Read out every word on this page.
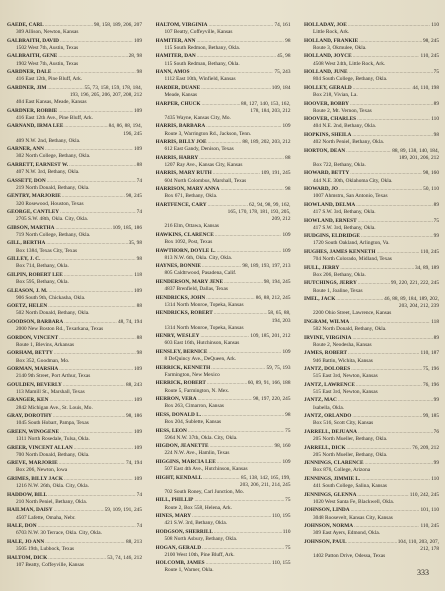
GAEDE, CARL .....	98, 158, 189, 206, 207
309 Allison, Newton, Kansas
GALBRAITH, DAVID .....	109
1502 West 7th, Austin, Texas
GALBRAITH, GENE .....	28, 98
1902 West 7th, Austin, Texas
GARDNER, DALE .....	98
416 East 12th, Pine Bluff, Ark.
GARDNER, JIM .....	55, 73, 158, 159, 178, 184,
193, 196, 205, 206, 207, 208, 212
404 East Kansas, Meade, Kansas
GARDNER, ROBBIE .....	109
416 East 12th Ave., Pine Bluff, Ark.
GARNAND, IRMA LEE .....	84, 86, 88, 194,
196, 245
409 N.W. 2nd, Bethany, Okla.
GARNER, ANN .....	109
302 North College, Bethany, Okla.
GARRETT, EARNEST W. .....	88
407 N.W. 3rd, Bethany, Okla.
GASSETT, DON .....	74
219 North Donald, Bethany, Okla.
GENTRY, MARJORIE .....	98, 245
320 Rosewood, Houston, Texas
GEORGE, CANTLEY .....	74
2705 S.W. 48th, Okla. City, Okla.
GIBSON, MARTHA .....	109, 185, 186
719 North College, Bethany, Okla.
GILL, BERTHA .....	35, 98
Box 1384, Texas City, Texas
GILLEY, J. C. .....	98
Box 714, Bethany, Okla.
GILPIN, ROBERT LEE .....	118
Box 595, Bethany, Okla.
GLEASON, J. M. .....	109
906 South 9th, Chickasha, Okla.
GOETZ, HELEN .....	88
502 North Donald, Bethany, Okla.
GOODSON, BARBARA .....	48, 74, 194
2000 New Boston Rd., Texarkana, Texas
GORDON, VINCENT .....	88
Route 1, Blevins, Arkansas
GORHAM, BETTY .....	98
Box 352, Goodman, Mo.
GORMAN, MARSHA .....	109
2140 9th Street, Port Arthur, Texas
GOULDEN, BEVERLY .....	88, 243
113 Mamill St., Marshall, Texas
GRANGER, KEN .....	109
2842 Michigan Ave., St. Louis, Mo.
GRAY, DOROTHY .....	98, 186
1045 South Hobart, Pampa, Texas
GREEN, WINOGENE .....	109
1311 North Rosedale, Tulsa, Okla.
GREER, VINCENT ALLAN .....	109
700 North Donald, Bethany, Okla.
GREVE, MARJORIE .....	74, 194
Box 206, Newton, Iowa
GRIMES, BILLY JACK .....	109
1216 N.W. 26th, Okla. City, Okla.
HADDOW, BILL .....	74
210 North Peniel, Bethany, Okla.
HAILMAN, DAISY .....	59, 109, 191, 245
4507 Lafette, Omaha, Nebr.
HALE, DON .....	74
6703 N.W. 30 Terrace, Okla. City, Okla.
HALE, JO ANN .....	88, 213
3505 19th, Lubbock, Texas
HALTOM, DICK .....	53, 74, 146, 212
107 Beatty, Coffeyville, Kansas
HALTOM, VIRGINIA .....	74, 161
107 Beatty, Coffeyville, Kansas
HAMITER, ANN .....	98
115 South Redmon, Bethany, Okla.
HAMITER, DAN .....	45, 98
115 South Redman, Bethany, Okla.
HANN, AMOS .....	75, 243
1112 East 10th, Winfield, Kansas
HARDER, DUANE .....	109, 184
Meade, Kansas
HARPER, CHUCK .....	88, 127, 140, 153, 162,
178, 184, 203, 212
7435 Wayne, Kansas City, Mo.
HARRIS, BARBARA .....	109
Route 3, Warrington Rd., Jackson, Tenn.
HARRIS, BILLY JOE .....	88, 189, 202, 203, 212
612 East Gandy, Denison, Texas
HARRIS, HARRY .....	88
1207 Ray Ave., Kansas City, Kansas
HARRIS, MARY RUTH .....	109, 191, 245
604 North Colombus, Marshall, Texas
HARRISON, MARY ANNA .....	98
Box 671, Bethany, Okla.
HARTFENCE, CARY .....	62, 94, 98, 99, 162,
165, 170, 178, 181, 193, 205,
209, 212
216 Elm, Ottawa, Kansas
HAWKINS, CLARENCE .....	109
Box 1092, Post, Texas
HAWTHORN, DOYLE L. .....	109
813 N.W. 6th, Okla. City, Okla.
HAYNES, BONNIE .....	98, 189, 193, 197, 213
805 Caldtrwood, Pasadena, Calif.
HENDERSON, MARY JENE .....	98, 194, 245
4837 Brenfield, Dallas, Texas
HENDRICKS, JOHN .....	86, 88, 212, 245
1314 North Monroe, Topeka, Kansas
HENDRICKS, ROBERT .....	58, 65, 88,
194, 203
1314 North Monroe, Topeka, Kansas
HENRY, WESLEY .....	109, 185, 201, 212
603 East 16th, Hutchinson, Kansas
HENSLEY, BERNICE .....	109
8 DeQuincy Ave., DeQueen, Ark.
HERRICK, KENNETH .....	59, 75, 193
Farmington, New Mexico
HERRICK, ROBERT .....	60, 89, 91, 166, 188
Route 5, Farmington, N. Mex.
HERRON, VERA .....	98, 197, 220, 245
Box 263, Cimarron, Kansas
HESS, DONALD L. .....	98
Box 204, Sublette, Kansas
HESS, LEON .....	75
5964 N.W. 37th, Okla. City, Okla.
HIGDON, JEANETTE .....	98, 160
224 N.W. Ave., Hamlin, Texas
HIGGINS, MARCIA LEE .....	109
507 East 4th Ave., Hutchinson, Kansas
HIGHT, KENDALL .....	85, 138, 142, 165, 199,
203, 206, 211, 214, 245
702 South Roney, Carl Junction, Mo.
HILL, PHILLIP .....	75
Route 2, Box 558, Helena, Ark.
HINES, MARY .....	110, 195
421 S.W. 3rd, Bethany, Okla.
HODGSON, SHERRILL .....	110
508 North Asbury, Bethany, Okla.
HOGAN, GERALD .....	75
2100 West 10th, Pine Bluff, Ark.
HOLCOMB, JAMES .....	110, 155
Route 1, Warner, Okla.
HOLLADAY, JOE .....	110
Little Rock, Ark.
HOLLAND, FRANKIE .....	98, 245
Route 3, Okmulee, Okla.
HOLLAND, JOYCE .....	110, 245
4508 West 24th, Little Rock, Ark.
HOLLAND, JUNE .....	75
804 South College, Bethany, Okla.
HOLLEY, GERALD .....	44, 110, 198
Box 218, Vivian, La.
HOOVER, BOBBY .....	89
Route 2, Mt. Vernon, Texas
HOOVER, CHARLES .....	110
404 N.E. 2nd, Bethany, Okla.
HOPKINS, SHEILA .....	98
402 North Peniel, Bethany, Okla.
HORTON, DEAN .....	88, 89, 138, 140, 184,
189, 201, 206, 212
Box 722, Bethany, Okla.
HOWARD, BETTY .....	98, 160
444 N.E. 30th, Oklahoma City, Okla.
HOWARD, JO .....	50, 110
1007 Ahmstru, San Antonio, Texas
HOWLAND, DELMA .....	89
417 S.W. 3rd, Bethany, Okla.
HOWLAND, ERNEST .....	75
417 S.W. 3rd, Bethany, Okla.
HUDGINS, ELDRIDGE .....	99
1720 South Oakland, Arlington, Va.
HUGHES, JAMES KENNETH .....	110, 245
704 North Colorado, Midland, Texas
HULL, JERRY .....	34, 89, 189
Box 206, Bethany, Okla.
HUTCHINGS, JERRY .....	99, 220, 221, 222, 245
Route 1, Joaline, Texas
IMEL, JACK .....	46, 88, 89, 184, 189, 202,
203, 204, 212, 239
2200 Ohio Street, Lawrence, Kansas
INGRAM, WILMA .....	118
502 North Donald, Bethany, Okla.
IRVINE, VIRGINIA .....	89
Route 2, Neodesha, Kansas
JAMES, ROBERT .....	110, 187
946 Battin, Wichita, Kansas
JANTZ, DOLORES .....	75, 196
515 East 3rd, Newton, Kansas
JANTZ, LAWRENCE .....	76, 196
515 East 3rd, Newton, Kansas
JANTZ, MAC .....	99
Isabella, Okla.
JANTZ, ORLANDO .....	99, 185
Box 516, Scott City, Kansas
JARRELL, DEJUANA .....	76
205 North Mueller, Bethany, Okla.
JARRELL, DICK .....	76, 209, 212
205 North Mueller, Bethany, Okla.
JENNINGS, CLARENCE .....	99
Box 876, College, Arizona
JENNINGS, JIMMIE L. .....	110
441 South College, Salina, Kansas
JENNINGS, GLENNA .....	110, 242, 245
1020 West Santa Fe, Blackwell, Okla.
JOHNSON, LINDA .....	101, 110
3048 Roosevelt, Kansas City, Kansas
JOHNSON, NORMA .....	110, 245
309 East Ayers, Edmond, Okla.
JOHNSON, PAUL .....	104, 110, 203, 207,
212, 178
1402 Patton Drive, Odessa, Texas
333
